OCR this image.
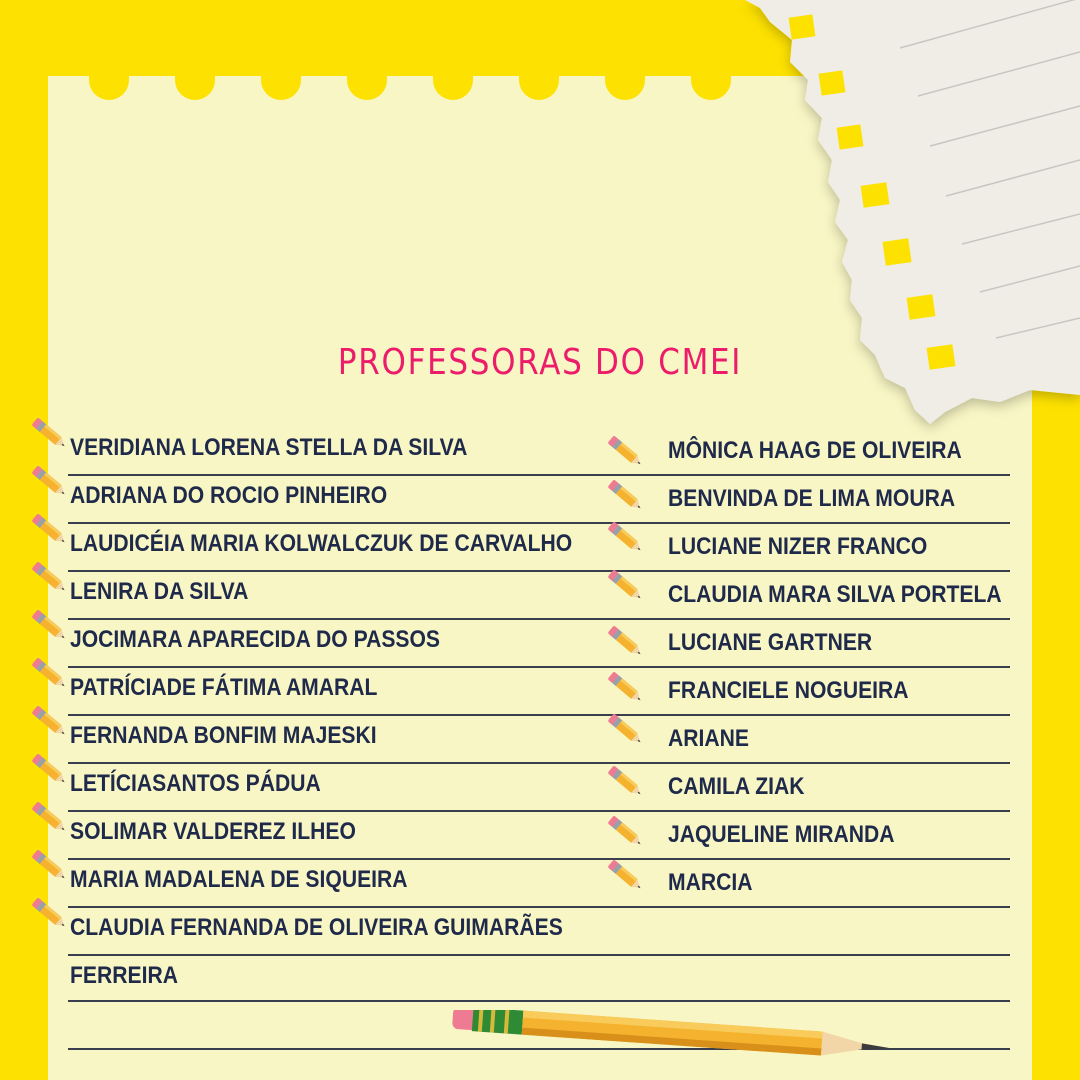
PROFESSORAS DO CMEI
VERIDIANA LORENA STELLA DA SILVA
ADRIANA DO ROCIO PINHEIRO
LAUDICÉIA MARIA KOLWALCZUK DE CARVALHO
LENIRA DA SILVA
JOCIMARA APARECIDA DO PASSOS
PATRÍCIADE FÁTIMA AMARAL
FERNANDA BONFIM MAJESKI
LETÍCIASANTOS PÁDUA
SOLIMAR VALDEREZ ILHEO
MARIA MADALENA DE SIQUEIRA
CLAUDIA FERNANDA DE OLIVEIRA GUIMARÃES
FERREIRA
MÔNICA HAAG DE OLIVEIRA
BENVINDA DE LIMA MOURA
LUCIANE NIZER FRANCO
CLAUDIA MARA SILVA PORTELA
LUCIANE GARTNER
FRANCIELE NOGUEIRA
ARIANE
CAMILA ZIAK
JAQUELINE MIRANDA
MARCIA
